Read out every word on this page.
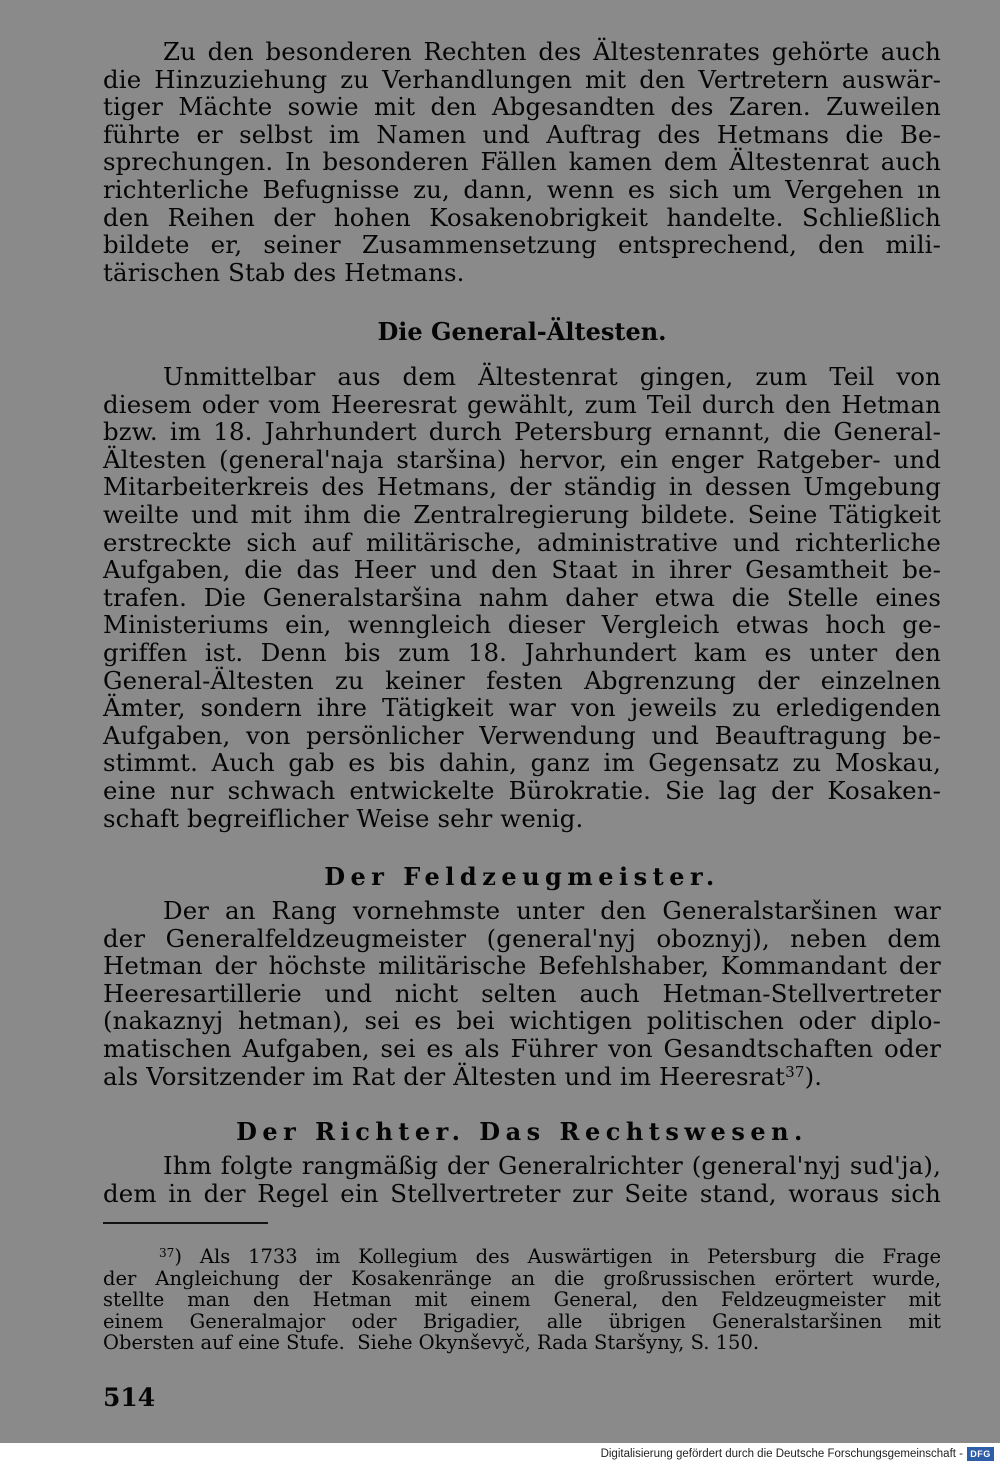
Zu den besonderen Rechten des Ältestenrates gehörte auch
die Hinzuziehung zu Verhandlungen mit den Vertretern auswär-
tiger Mächte sowie mit den Abgesandten des Zaren. Zuweilen
führte er selbst im Namen und Auftrag des Hetmans die Be-
sprechungen. In besonderen Fällen kamen dem Ältestenrat auch
richterliche Befugnisse zu, dann, wenn es sich um Vergehen ın
den Reihen der hohen Kosakenobrigkeit handelte. Schließlich
bildete er, seiner Zusammensetzung entsprechend, den mili-
tärischen Stab des Hetmans.
Die General-Ältesten.
Unmittelbar aus dem Ältestenrat gingen, zum Teil von
diesem oder vom Heeresrat gewählt, zum Teil durch den Hetman
bzw. im 18. Jahrhundert durch Petersburg ernannt, die General-
Ältesten (general'naja staršina) hervor, ein enger Ratgeber- und
Mitarbeiterkreis des Hetmans, der ständig in dessen Umgebung
weilte und mit ihm die Zentralregierung bildete. Seine Tätigkeit
erstreckte sich auf militärische, administrative und richterliche
Aufgaben, die das Heer und den Staat in ihrer Gesamtheit be-
trafen. Die Generalstaršina nahm daher etwa die Stelle eines
Ministeriums ein, wenngleich dieser Vergleich etwas hoch ge-
griffen ist. Denn bis zum 18. Jahrhundert kam es unter den
General-Ältesten zu keiner festen Abgrenzung der einzelnen
Ämter, sondern ihre Tätigkeit war von jeweils zu erledigenden
Aufgaben, von persönlicher Verwendung und Beauftragung be-
stimmt. Auch gab es bis dahin, ganz im Gegensatz zu Moskau,
eine nur schwach entwickelte Bürokratie. Sie lag der Kosaken-
schaft begreiflicher Weise sehr wenig.
Der Feldzeugmeister.
Der an Rang vornehmste unter den Generalstaršinen war
der Generalfeldzeugmeister (general'nyj oboznyj), neben dem
Hetman der höchste militärische Befehlshaber, Kommandant der
Heeresartillerie und nicht selten auch Hetman-Stellvertreter
(nakaznyj hetman), sei es bei wichtigen politischen oder diplo-
matischen Aufgaben, sei es als Führer von Gesandtschaften oder
als Vorsitzender im Rat der Ältesten und im Heeresrat$^{37}$).
Der Richter. Das Rechtswesen.
Ihm folgte rangmäßig der Generalrichter (general'nyj sud'ja),
dem in der Regel ein Stellvertreter zur Seite stand, woraus sich
$^{37}$) Als 1733 im Kollegium des Auswärtigen in Petersburg die Frage
der Angleichung der Kosakenränge an die großrussischen erörtert wurde,
stellte man den Hetman mit einem General, den Feldzeugmeister mit
einem Generalmajor oder Brigadier, alle übrigen Generalstaršinen mit
Obersten auf eine Stufe.  Siehe Okynševyč, Rada Staršyny, S. 150.
514
Digitalisierung gefördert durch die Deutsche Forschungsgemeinschaft - DFG
